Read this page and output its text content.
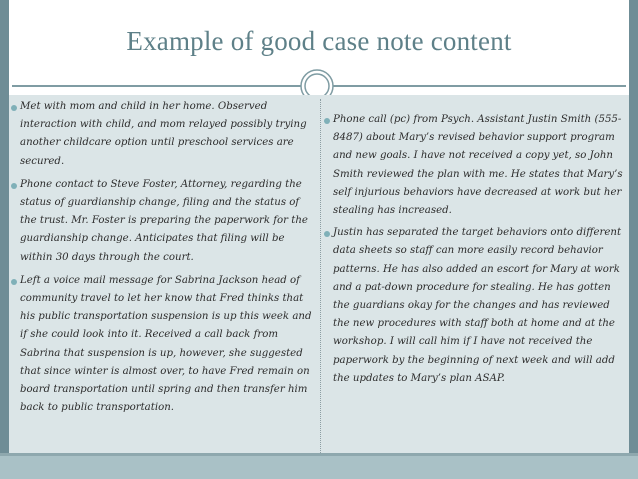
Example of good case note content
Met with mom and child in her home. Observed interaction with child, and mom relayed possibly trying another childcare option until preschool services are secured.
Phone contact to Steve Foster, Attorney, regarding the status of guardianship change, filing and the status of the trust. Mr. Foster is preparing the paperwork for the guardianship change. Anticipates that filing will be within 30 days through the court.
Left a voice mail message for Sabrina Jackson head of community travel to let her know that Fred thinks that his public transportation suspension is up this week and if she could look into it. Received a call back from Sabrina that suspension is up, however, she suggested that since winter is almost over, to have Fred remain on board transportation until spring and then transfer him back to public transportation.
Phone call (pc) from Psych. Assistant Justin Smith (555-8487) about Mary’s revised behavior support program and new goals. I have not received a copy yet, so John Smith reviewed the plan with me. He states that Mary’s self injurious behaviors have decreased at work but her stealing has increased.
Justin has separated the target behaviors onto different data sheets so staff can more easily record behavior patterns. He has also added an escort for Mary at work and a pat-down procedure for stealing. He has gotten the guardians okay for the changes and has reviewed the new procedures with staff both at home and at the workshop. I will call him if I have not received the paperwork by the beginning of next week and will add the updates to Mary’s plan ASAP.
